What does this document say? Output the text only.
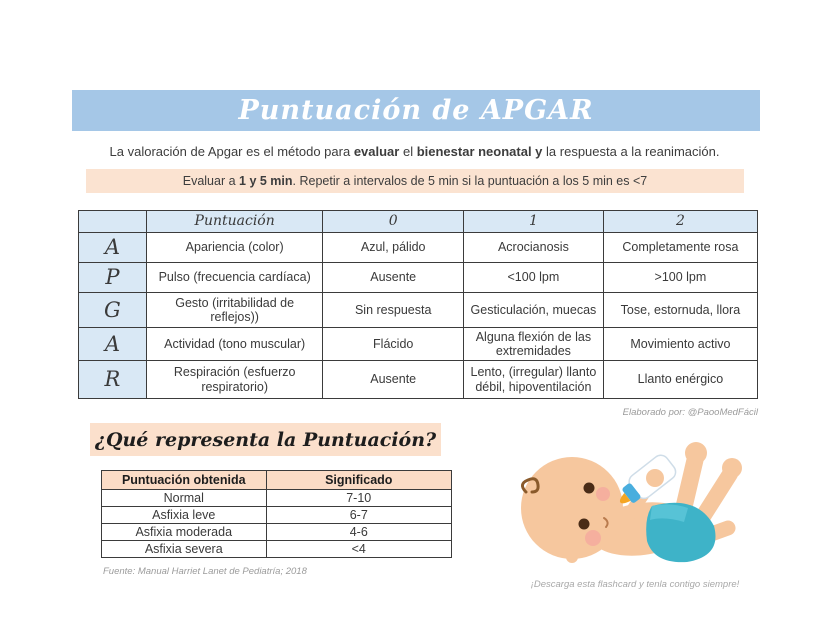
Puntuación de APGAR
La valoración de Apgar es el método para evaluar el bienestar neonatal y la respuesta a la reanimación.
Evaluar a
1 y 5 min . Repetir a intervalos de 5 min si la puntuación a los 5 min es <7
	Puntuación	0	1	2
A	Apariencia (color)	Azul, pálido	Acrocianosis	Completamente rosa
P	Pulso (frecuencia cardíaca)	Ausente	<100 lpm	>100 lpm
G	Gesto (irritabilidad de reflejos))	Sin respuesta	Gesticulación, muecas	Tose, estornuda, llora
A	Actividad (tono muscular)	Flácido	Alguna flexión de las extremidades	Movimiento activo
R	Respiración (esfuerzo respiratorio)	Ausente	Lento, (irregular) llanto débil, hipoventilación	Llanto enérgico
Elaborado por: @PaooMedFácil
¿Qué representa la Puntuación?
Puntuación obtenida	Significado
Normal	7-10
Asfixia leve	6-7
Asfixia moderada	4-6
Asfixia severa	<4
Fuente: Manual Harriet Lanet de Pediatría; 2018
¡Descarga esta flashcard y tenla contigo siempre!
